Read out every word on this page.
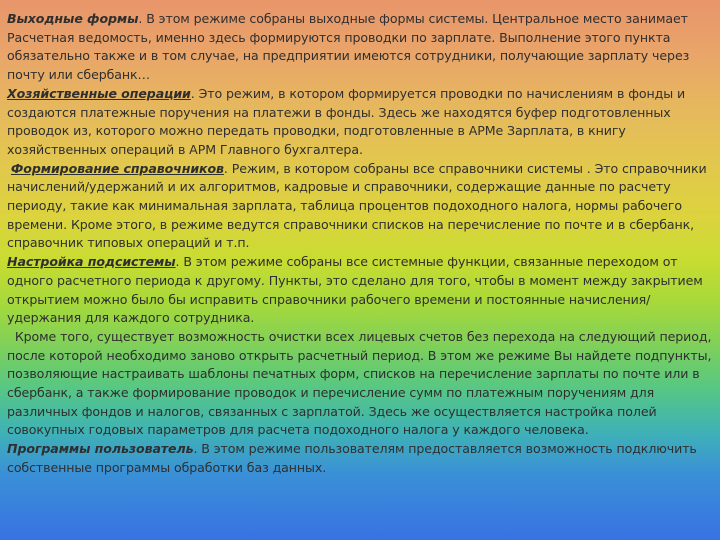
Выходные формы. В этом режиме собраны выходные формы системы. Центральное место занимает Расчетная ведомость, именно здесь формируются проводки по зарплате. Выполнение этого пункта обязательно также и в том случае, на предприятии имеются сотрудники, получающие зарплату через почту или сбербанк…

Хозяйственные операции. Это режим, в котором формируется проводки по начислениям в фонды и создаются платежные поручения на платежи в фонды. Здесь же находятся буфер подготовленных проводок из, которого можно передать проводки, подготовленные в АРМе Зарплата, в книгу хозяйственных операций в АРМ Главного бухгалтера.

Формирование справочников. Режим, в котором собраны все справочники системы . Это справочники начислений/удержаний и их алгоритмов, кадровые и справочники, содержащие данные по расчету периоду, такие как минимальная зарплата, таблица процентов подоходного налога, нормы рабочего времени. Кроме этого, в режиме ведутся справочники списков на перечисление по почте и в сбербанк, справочник типовых операций и т.п.

Настройка подсистемы. В этом режиме собраны все системные функции, связанные переходом от одного расчетного периода к другому. Пункты, это сделано для того, чтобы в момент между закрытием открытием можно было бы исправить справочники рабочего времени и постоянные начисления/удержания для каждого сотрудника.

Кроме того, существует возможность очистки всех лицевых счетов без перехода на следующий период, после которой необходимо заново открыть расчетный период. В этом же режиме Вы найдете подпункты, позволяющие настраивать шаблоны печатных форм, списков на перечисление зарплаты по почте или в сбербанк, а также формирование проводок и перечисление сумм по платежным поручениям для различных фондов и налогов, связанных с зарплатой. Здесь же осуществляется настройка полей совокупных годовых параметров для расчета подоходного налога у каждого человека.

Программы пользователь. В этом режиме пользователям предоставляется возможность подключить собственные программы обработки баз данных.
